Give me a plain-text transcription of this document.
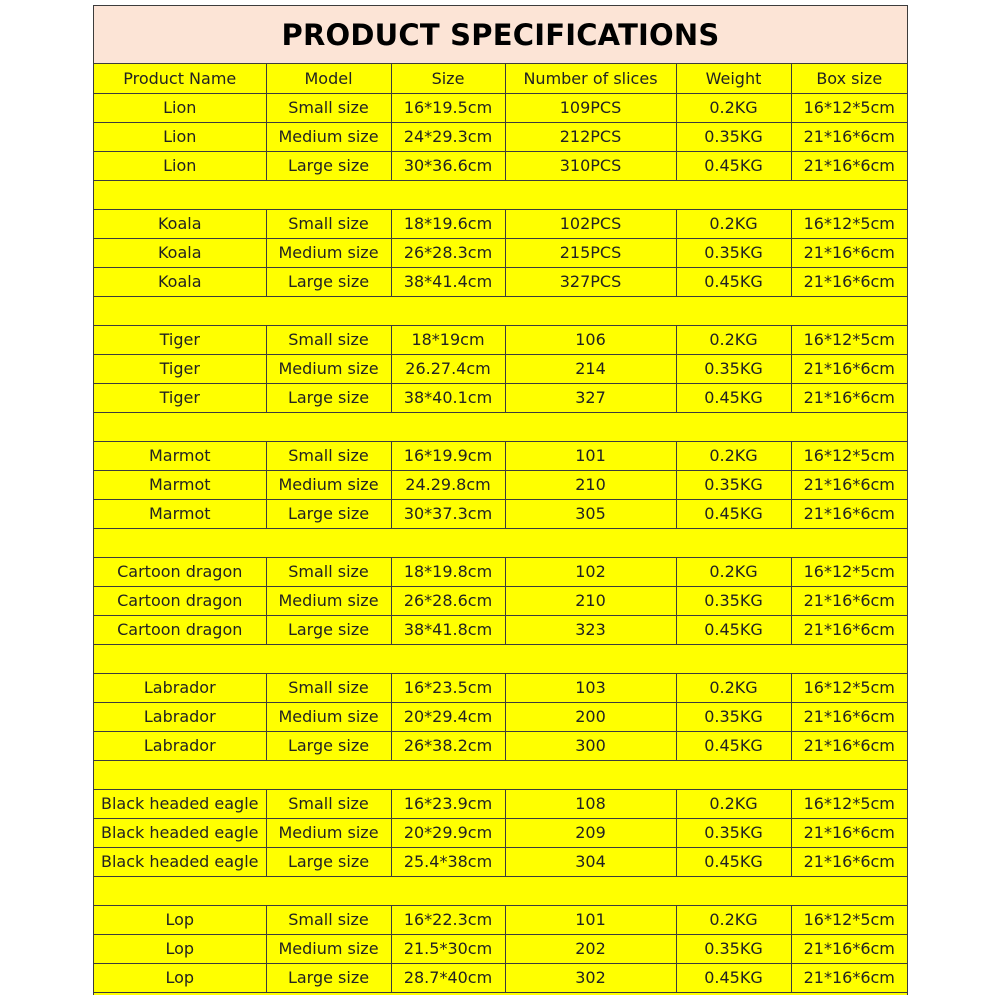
PRODUCT SPECIFICATIONS
Product Name	Model	Size	Number of slices	Weight	Box size
Lion	Small size	16*19.5cm	109PCS	0.2KG	16*12*5cm
Lion	Medium size	24*29.3cm	212PCS	0.35KG	21*16*6cm
Lion	Large size	30*36.6cm	310PCS	0.45KG	21*16*6cm

Koala	Small size	18*19.6cm	102PCS	0.2KG	16*12*5cm
Koala	Medium size	26*28.3cm	215PCS	0.35KG	21*16*6cm
Koala	Large size	38*41.4cm	327PCS	0.45KG	21*16*6cm

Tiger	Small size	18*19cm	106	0.2KG	16*12*5cm
Tiger	Medium size	26.27.4cm	214	0.35KG	21*16*6cm
Tiger	Large size	38*40.1cm	327	0.45KG	21*16*6cm

Marmot	Small size	16*19.9cm	101	0.2KG	16*12*5cm
Marmot	Medium size	24.29.8cm	210	0.35KG	21*16*6cm
Marmot	Large size	30*37.3cm	305	0.45KG	21*16*6cm

Cartoon dragon	Small size	18*19.8cm	102	0.2KG	16*12*5cm
Cartoon dragon	Medium size	26*28.6cm	210	0.35KG	21*16*6cm
Cartoon dragon	Large size	38*41.8cm	323	0.45KG	21*16*6cm

Labrador	Small size	16*23.5cm	103	0.2KG	16*12*5cm
Labrador	Medium size	20*29.4cm	200	0.35KG	21*16*6cm
Labrador	Large size	26*38.2cm	300	0.45KG	21*16*6cm

Black headed eagle	Small size	16*23.9cm	108	0.2KG	16*12*5cm
Black headed eagle	Medium size	20*29.9cm	209	0.35KG	21*16*6cm
Black headed eagle	Large size	25.4*38cm	304	0.45KG	21*16*6cm

Lop	Small size	16*22.3cm	101	0.2KG	16*12*5cm
Lop	Medium size	21.5*30cm	202	0.35KG	21*16*6cm
Lop	Large size	28.7*40cm	302	0.45KG	21*16*6cm
